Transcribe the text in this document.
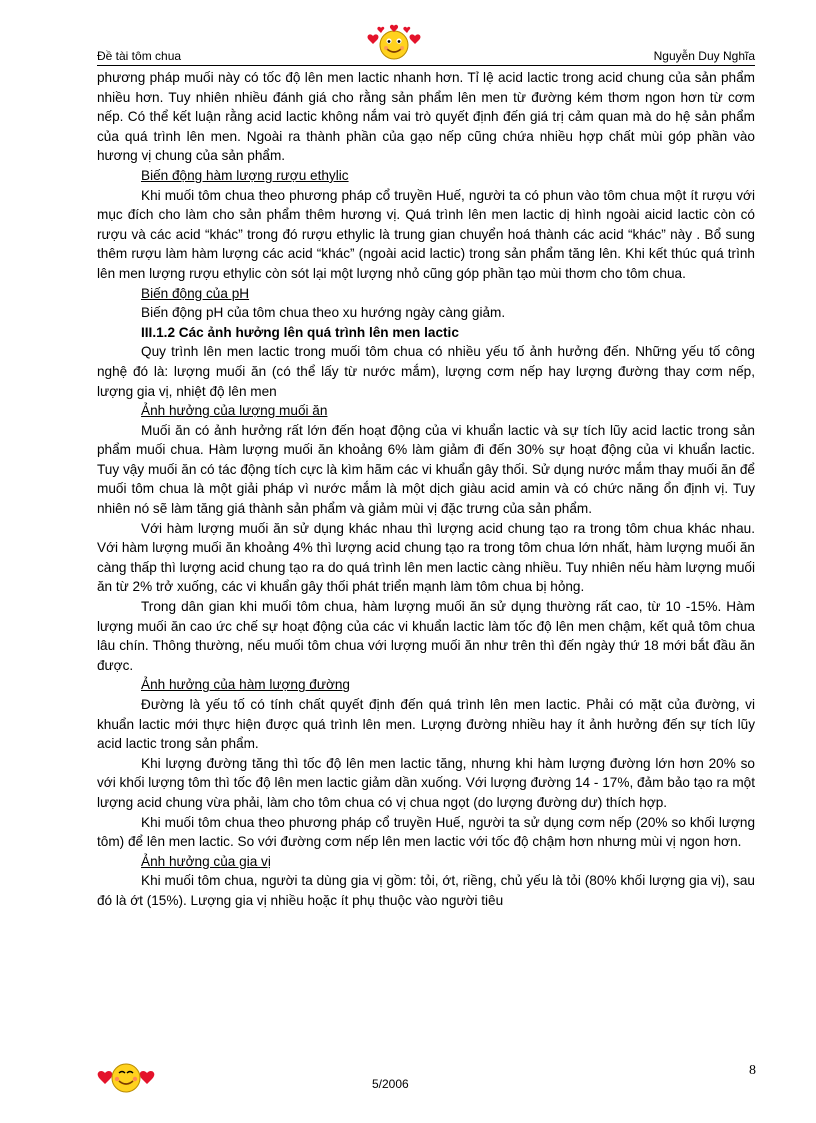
Đề tài tôm chua	Nguyễn Duy Nghĩa

phương pháp muối này có tốc độ lên men lactic nhanh hơn. Tỉ lệ acid lactic trong acid chung của sản phẩm nhiều hơn. Tuy nhiên nhiều đánh giá cho rằng sản phẩm lên men từ đường kém thơm ngon hơn từ cơm nếp. Có thể kết luận rằng acid lactic không nắm vai trò quyết định đến giá trị cảm quan mà do hệ sản phẩm của quá trình lên men. Ngoài ra thành phần của gạo nếp cũng chứa nhiều hợp chất mùi góp phần vào hương vị chung của sản phẩm.

Biến động hàm lượng rượu ethylic

Khi muối tôm chua theo phương pháp cổ truyền Huế, người ta có phun vào tôm chua một ít rượu với mục đích cho làm cho sản phẩm thêm hương vị. Quá trình lên men lactic dị hình ngoài aicid lactic còn có rượu và các acid “khác” trong đó rượu ethylic là trung gian chuyển hoá thành các acid “khác” này . Bổ sung thêm rượu làm hàm lượng các acid “khác” (ngoài acid lactic) trong sản phẩm tăng lên. Khi kết thúc quá trình lên men lượng rượu ethylic còn sót lại một lượng nhỏ cũng góp phần tạo mùi thơm cho tôm chua.

Biến động của pH

Biến động pH của tôm chua theo xu hướng ngày càng giảm.

III.1.2 Các ảnh hưởng lên quá trình lên men lactic

Quy trình lên men lactic trong muối tôm chua có nhiều yếu tố ảnh hưởng đến. Những yếu tố công nghệ đó là: lượng muối ăn (có thể lấy từ nước mắm), lượng cơm nếp hay lượng đường thay cơm nếp, lượng gia vị, nhiệt độ lên men

Ảnh hưởng của lượng muối ăn

Muối ăn có ảnh hưởng rất lớn đến hoạt động của vi khuẩn lactic và sự tích lũy acid lactic trong sản phẩm muối chua. Hàm lượng muối ăn khoảng 6% làm giảm đi đến 30% sự hoạt động của vi khuẩn lactic. Tuy vậy muối ăn có tác động tích cực là kìm hãm các vi khuẩn gây thối. Sử dụng nước mắm thay muối ăn để muối tôm chua là một giải pháp vì nước mắm là một dịch giàu acid amin và có chức năng ổn định vị. Tuy nhiên nó sẽ làm tăng giá thành sản phẩm và giảm mùi vị đặc trưng của sản phẩm.

Với hàm lượng muối ăn sử dụng khác nhau thì lượng acid chung tạo ra trong tôm chua khác nhau. Với hàm lượng muối ăn khoảng 4% thì lượng acid chung tạo ra trong tôm chua lớn nhất, hàm lượng muối ăn càng thấp thì lượng acid chung tạo ra do quá trình lên men lactic càng nhiều. Tuy nhiên nếu hàm lượng muối ăn từ 2% trở xuống, các vi khuẩn gây thối phát triển mạnh làm tôm chua bị hỏng.

Trong dân gian khi muối tôm chua, hàm lượng muối ăn sử dụng thường rất cao, từ 10 -15%. Hàm lượng muối ăn cao ức chế sự hoạt động của các vi khuẩn lactic làm tốc độ lên men chậm, kết quả tôm chua lâu chín. Thông thường, nếu muối tôm chua với lượng muối ăn như trên thì đến ngày thứ 18 mới bắt đầu ăn được.

Ảnh hưởng của hàm lượng đường

Đường là yếu tố có tính chất quyết định đến quá trình lên men lactic. Phải có mặt của đường, vi khuẩn lactic mới thực hiện được quá trình lên men. Lượng đường nhiều hay ít ảnh hưởng đến sự tích lũy acid lactic trong sản phẩm.

Khi lượng đường tăng thì tốc độ lên men lactic tăng, nhưng khi hàm lượng đường lớn hơn 20% so với khối lượng tôm thì tốc độ lên men lactic giảm dần xuống. Với lượng đường 14 - 17%, đảm bảo tạo ra một lượng acid chung vừa phải, làm cho tôm chua có vị chua ngọt (do lượng đường dư) thích hợp.

Khi muối tôm chua theo phương pháp cổ truyền Huế, người ta sử dụng cơm nếp (20% so khối lượng tôm) để lên men lactic. So với đường cơm nếp lên men lactic với tốc độ chậm hơn nhưng mùi vị ngon hơn.

Ảnh hưởng của gia vị

Khi muối tôm chua, người ta dùng gia vị gồm: tỏi, ớt, riềng, chủ yếu là tỏi (80% khối lượng gia vị), sau đó là ớt (15%). Lượng gia vị nhiều hoặc ít phụ thuộc vào người tiêu

8
5/2006
